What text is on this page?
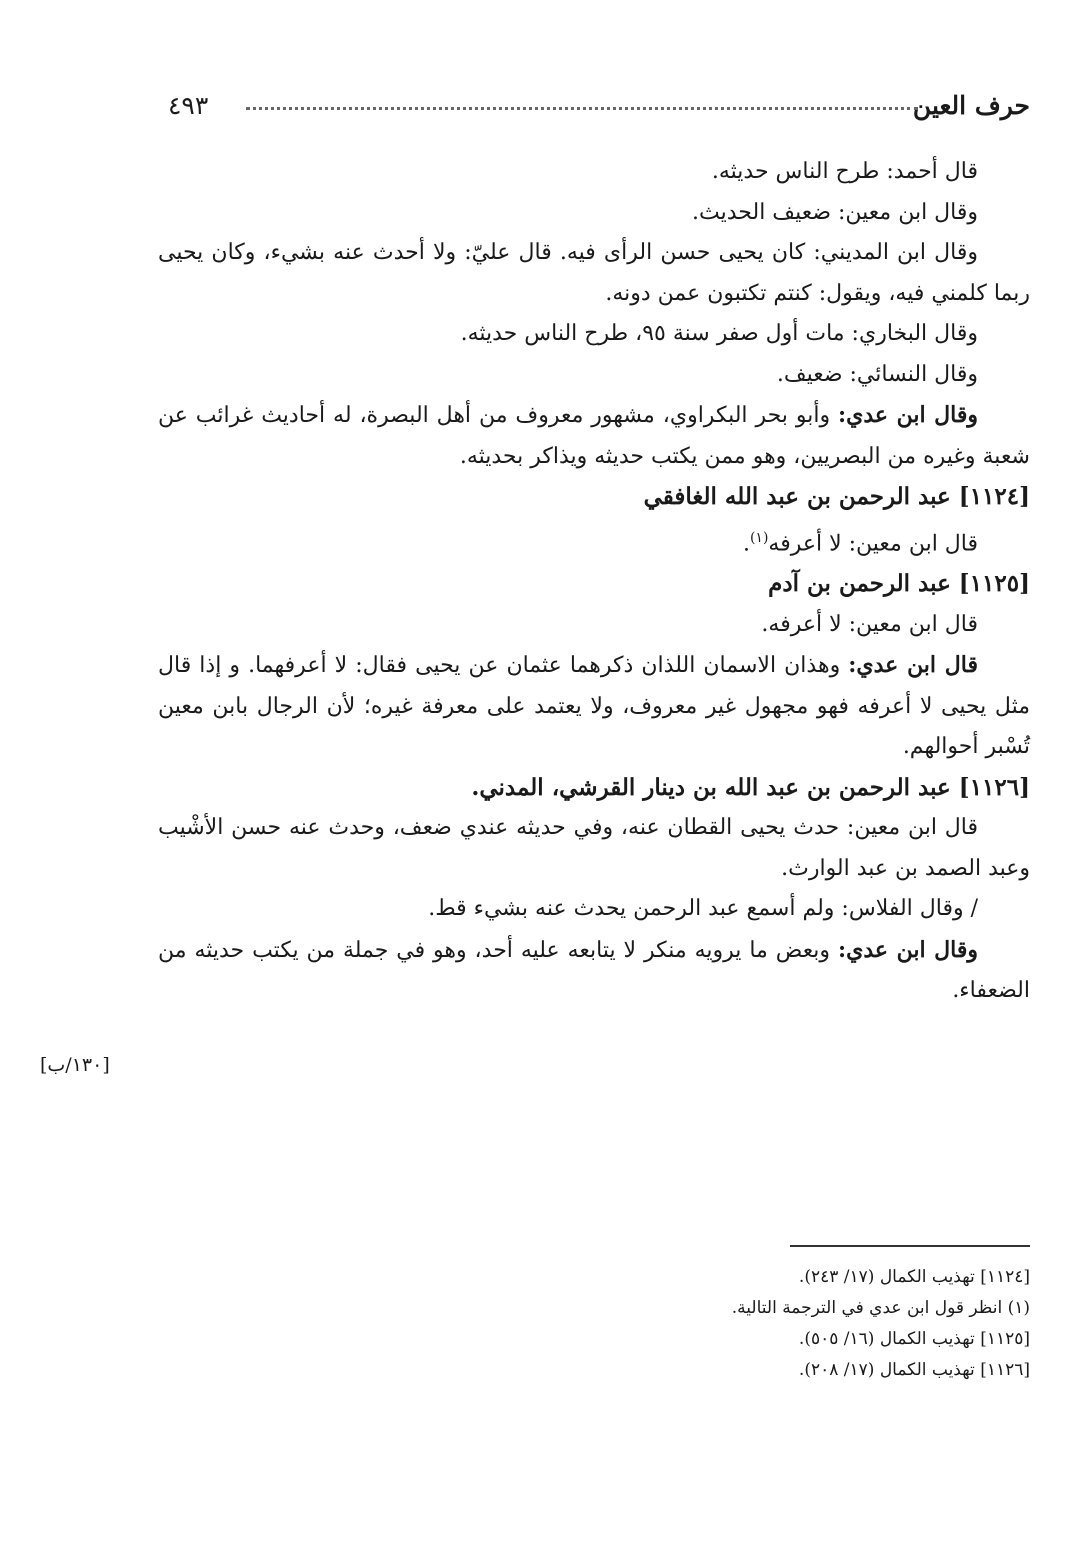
حرف العين
٤٩٣

قال أحمد: طرح الناس حديثه.

وقال ابن معين: ضعيف الحديث.

وقال ابن المديني: كان يحيى حسن الرأى فيه. قال عليّ: ولا أحدث عنه بشيء، وكان يحيى ربما كلمني فيه، ويقول: كنتم تكتبون عمن دونه.

وقال البخاري: مات أول صفر سنة ٩٥، طرح الناس حديثه.

وقال النسائي: ضعيف.

وقال ابن عدي: وأبو بحر البكراوي، مشهور معروف من أهل البصرة، له أحاديث غرائب عن شعبة وغيره من البصريين، وهو ممن يكتب حديثه ويذاكر بحديثه.

[١١٢٤] عبد الرحمن بن عبد الله الغافقي

قال ابن معين: لا أعرفه$^{(١)}$.

[١١٢٥] عبد الرحمن بن آدم

قال ابن معين: لا أعرفه.

قال ابن عدي: وهذان الاسمان اللذان ذكرهما عثمان عن يحيى فقال: لا أعرفهما. و إذا قال مثل يحيى لا أعرفه فهو مجهول غير معروف، ولا يعتمد على معرفة غيره؛ لأن الرجال بابن معين تُسْبر أحوالهم.

[١١٢٦] عبد الرحمن بن عبد الله بن دينار القرشي، المدني.

قال ابن معين: حدث يحيى القطان عنه، وفي حديثه عندي ضعف، وحدث عنه حسن الأشْيب وعبد الصمد بن عبد الوارث.

/ وقال الفلاس: ولم أسمع عبد الرحمن يحدث عنه بشيء قط.

وقال ابن عدي: وبعض ما يرويه منكر لا يتابعه عليه أحد، وهو في جملة من يكتب حديثه من الضعفاء.

[١٣٠/ب]

[١١٢٤] تهذيب الكمال (١٧/ ٢٤٣).

(١) انظر قول ابن عدي في الترجمة التالية.

[١١٢٥] تهذيب الكمال (١٦/ ٥٠٥).

[١١٢٦] تهذيب الكمال (١٧/ ٢٠٨).
